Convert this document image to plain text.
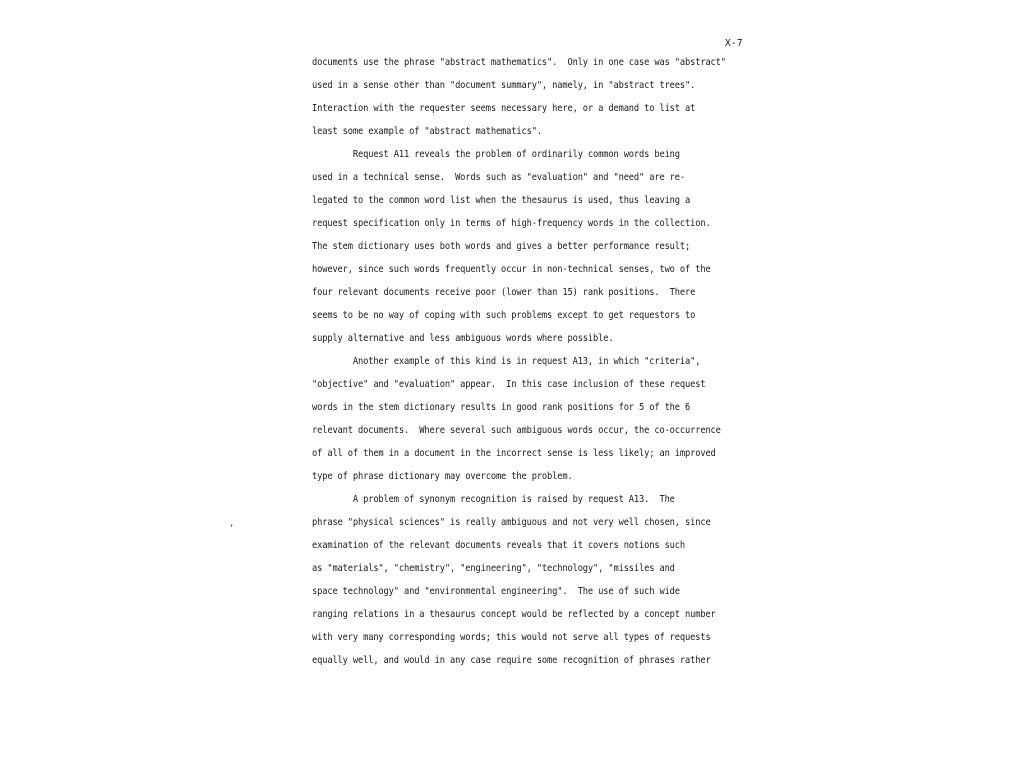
X-7
,
documents use the phrase "abstract mathematics".  Only in one case was "abstract"
used in a sense other than "document summary", namely, in "abstract trees".
Interaction with the requester seems necessary here, or a demand to list at
least some example of "abstract mathematics".
Request A11 reveals the problem of ordinarily common words being
used in a technical sense.  Words such as "evaluation" and "need" are re-
legated to the common word list when the thesaurus is used, thus leaving a
request specification only in terms of high-frequency words in the collection.
The stem dictionary uses both words and gives a better performance result;
however, since such words frequently occur in non-technical senses, two of the
four relevant documents receive poor (lower than 15) rank positions.  There
seems to be no way of coping with such problems except to get requestors to
supply alternative and less ambiguous words where possible.
Another example of this kind is in request A13, in which "criteria",
"objective" and "evaluation" appear.  In this case inclusion of these request
words in the stem dictionary results in good rank positions for 5 of the 6
relevant documents.  Where several such ambiguous words occur, the co-occurrence
of all of them in a document in the incorrect sense is less likely; an improved
type of phrase dictionary may overcome the problem.
A problem of synonym recognition is raised by request A13.  The
phrase "physical sciences" is really ambiguous and not very well chosen, since
examination of the relevant documents reveals that it covers notions such
as "materials", "chemistry", "engineering", "technology", "missiles and
space technology" and "environmental engineering".  The use of such wide
ranging relations in a thesaurus concept would be reflected by a concept number
with very many corresponding words; this would not serve all types of requests
equally well, and would in any case require some recognition of phrases rather
